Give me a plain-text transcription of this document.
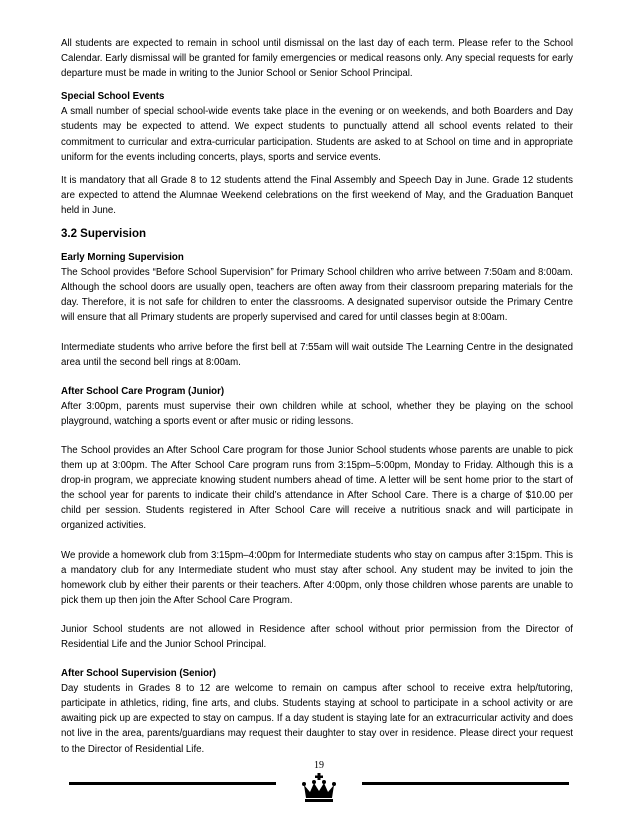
All students are expected to remain in school until dismissal on the last day of each term. Please refer to the School Calendar. Early dismissal will be granted for family emergencies or medical reasons only. Any special requests for early departure must be made in writing to the Junior School or Senior School Principal.

Special School Events

A small number of special school-wide events take place in the evening or on weekends, and both Boarders and Day students may be expected to attend. We expect students to punctually attend all school events related to their commitment to curricular and extra-curricular participation. Students are asked to at School on time and in appropriate uniform for the events including concerts, plays, sports and service events.

It is mandatory that all Grade 8 to 12 students attend the Final Assembly and Speech Day in June. Grade 12 students are expected to attend the Alumnae Weekend celebrations on the first weekend of May, and the Graduation Banquet held in June.

3.2 Supervision
Early Morning Supervision

The School provides “Before School Supervision” for Primary School children who arrive between 7:50am and 8:00am. Although the school doors are usually open, teachers are often away from their classroom preparing materials for the day. Therefore, it is not safe for children to enter the classrooms. A designated supervisor outside the Primary Centre will ensure that all Primary students are properly supervised and cared for until classes begin at 8:00am.

Intermediate students who arrive before the first bell at 7:55am will wait outside The Learning Centre in the designated area until the second bell rings at 8:00am.

After School Care Program (Junior)

After 3:00pm, parents must supervise their own children while at school, whether they be playing on the school playground, watching a sports event or after music or riding lessons.

The School provides an After School Care program for those Junior School students whose parents are unable to pick them up at 3:00pm. The After School Care program runs from 3:15pm–5:00pm, Monday to Friday. Although this is a drop-in program, we appreciate knowing student numbers ahead of time. A letter will be sent home prior to the start of the school year for parents to indicate their child’s attendance in After School Care. There is a charge of $10.00 per child per session. Students registered in After School Care will receive a nutritious snack and will participate in organized activities.

We provide a homework club from 3:15pm–4:00pm for Intermediate students who stay on campus after 3:15pm. This is a mandatory club for any Intermediate student who must stay after school. Any student may be invited to join the homework club by either their parents or their teachers. After 4:00pm, only those children whose parents are unable to pick them up then join the After School Care Program.

Junior School students are not allowed in Residence after school without prior permission from the Director of Residential Life and the Junior School Principal.

After School Supervision (Senior)

Day students in Grades 8 to 12 are welcome to remain on campus after school to receive extra help/tutoring, participate in athletics, riding, fine arts, and clubs. Students staying at school to participate in a school activity or are awaiting pick up are expected to stay on campus. If a day student is staying late for an extracurricular activity and does not live in the area, parents/guardians may request their daughter to stay over in residence. Please direct your request to the Director of Residential Life.

19
